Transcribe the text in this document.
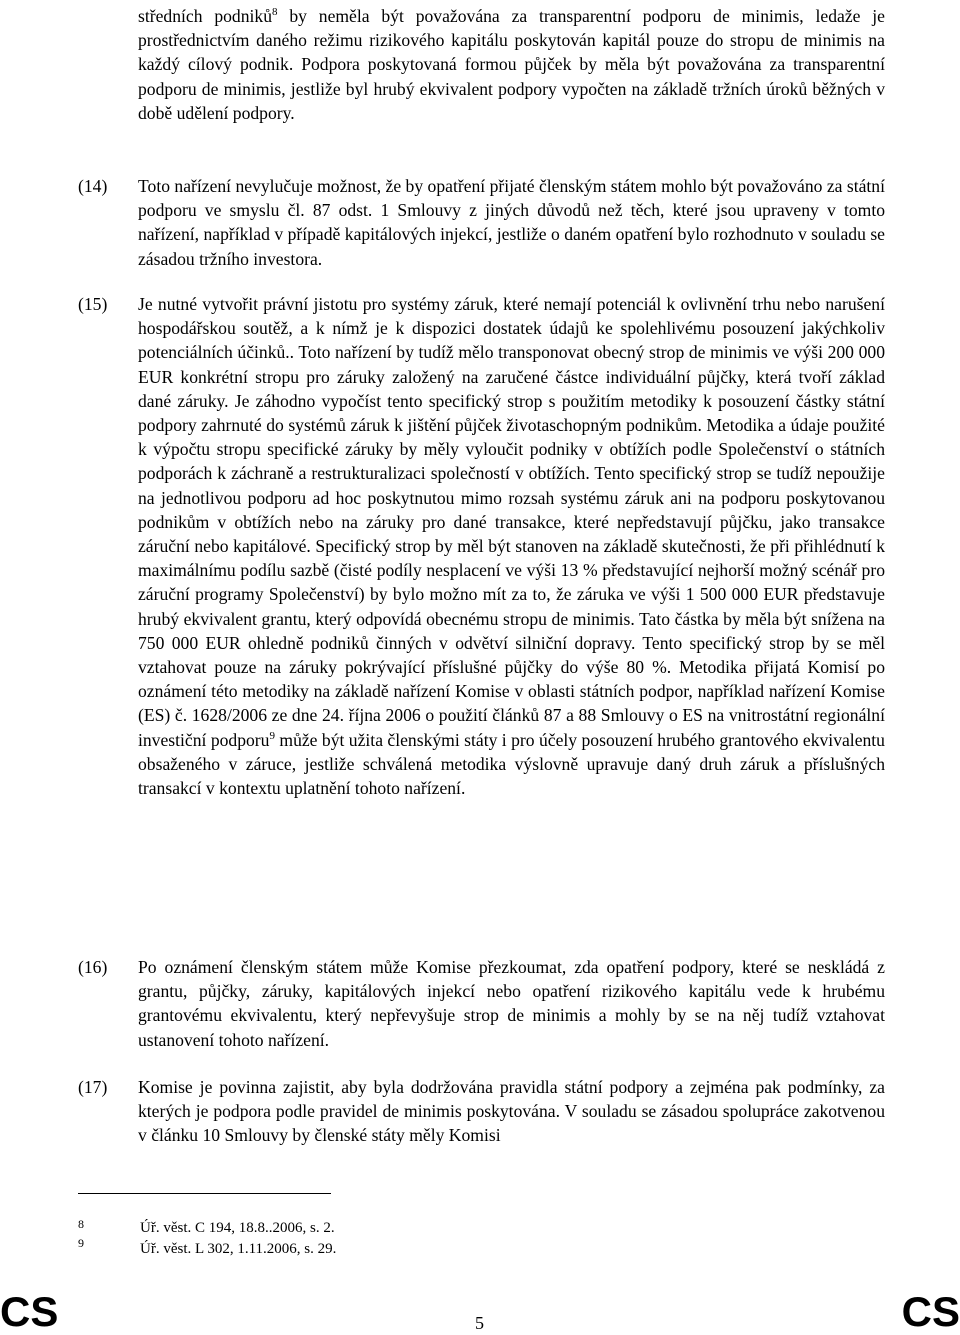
středních podniků$^8$ by neměla být považována za transparentní podporu de minimis, ledaže je prostřednictvím daného režimu rizikového kapitálu poskytován kapitál pouze do stropu de minimis na každý cílový podnik. Podpora poskytovaná formou půjček by měla být považována za transparentní podporu de minimis, jestliže byl hrubý ekvivalent podpory vypočten na základě tržních úroků běžných v době udělení podpory.

(14) Toto nařízení nevylučuje možnost, že by opatření přijaté členským státem mohlo být považováno za státní podporu ve smyslu čl. 87 odst. 1 Smlouvy z jiných důvodů než těch, které jsou upraveny v tomto nařízení, například v případě kapitálových injekcí, jestliže o daném opatření bylo rozhodnuto v souladu se zásadou tržního investora.

(15) Je nutné vytvořit právní jistotu pro systémy záruk, které nemají potenciál k ovlivnění trhu nebo narušení hospodářskou soutěž, a k nímž je k dispozici dostatek údajů ke spolehlivému posouzení jakýchkoliv potenciálních účinků.. Toto nařízení by tudíž mělo transponovat obecný strop de minimis ve výši 200 000 EUR konkrétní stropu pro záruky založený na zaručené částce individuální půjčky, která tvoří základ dané záruky. Je záhodno vypočíst tento specifický strop s použitím metodiky k posouzení částky státní podpory zahrnuté do systémů záruk k jištění půjček životaschopným podnikům. Metodika a údaje použité k výpočtu stropu specifické záruky by měly vyloučit podniky v obtížích podle Společenství o státních podporách k záchraně a restrukturalizaci společností v obtížích. Tento specifický strop se tudíž nepoužije na jednotlivou podporu ad hoc poskytnutou mimo rozsah systému záruk ani na podporu poskytovanou podnikům v obtížích nebo na záruky pro dané transakce, které nepředstavují půjčku, jako transakce záruční nebo kapitálové. Specifický strop by měl být stanoven na základě skutečnosti, že při přihlédnutí k maximálnímu podílu sazbě (čisté podíly nesplacení ve výši 13 % představující nejhorší možný scénář pro záruční programy Společenství) by bylo možno mít za to, že záruka ve výši 1 500 000 EUR představuje hrubý ekvivalent grantu, který odpovídá obecnému stropu de minimis. Tato částka by měla být snížena na 750 000 EUR ohledně podniků činných v odvětví silniční dopravy. Tento specifický strop by se měl vztahovat pouze na záruky pokrývající příslušné půjčky do výše 80 %. Metodika přijatá Komisí po oznámení této metodiky na základě nařízení Komise v oblasti státních podpor, například nařízení Komise (ES) č. 1628/2006 ze dne 24. října 2006 o použití článků 87 a 88 Smlouvy o ES na vnitrostátní regionální investiční podporu$^9$ může být užita členskými státy i pro účely posouzení hrubého grantového ekvivalentu obsaženého v záruce, jestliže schválená metodika výslovně upravuje daný druh záruk a příslušných transakcí v kontextu uplatnění tohoto nařízení.

(16) Po oznámení členským státem může Komise přezkoumat, zda opatření podpory, které se neskládá z grantu, půjčky, záruky, kapitálových injekcí nebo opatření rizikového kapitálu vede k hrubému grantovému ekvivalentu, který nepřevyšuje strop de minimis a mohly by se na něj tudíž vztahovat ustanovení tohoto nařízení.

(17) Komise je povinna zajistit, aby byla dodržována pravidla státní podpory a zejména pak podmínky, za kterých je podpora podle pravidel de minimis poskytována. V souladu se zásadou spolupráce zakotvenou v článku 10 Smlouvy by členské státy měly Komisi

8	Úř. věst. C 194, 18.8..2006, s. 2.
9	Úř. věst. L 302, 1.11.2006, s. 29.
CS	5	CS
